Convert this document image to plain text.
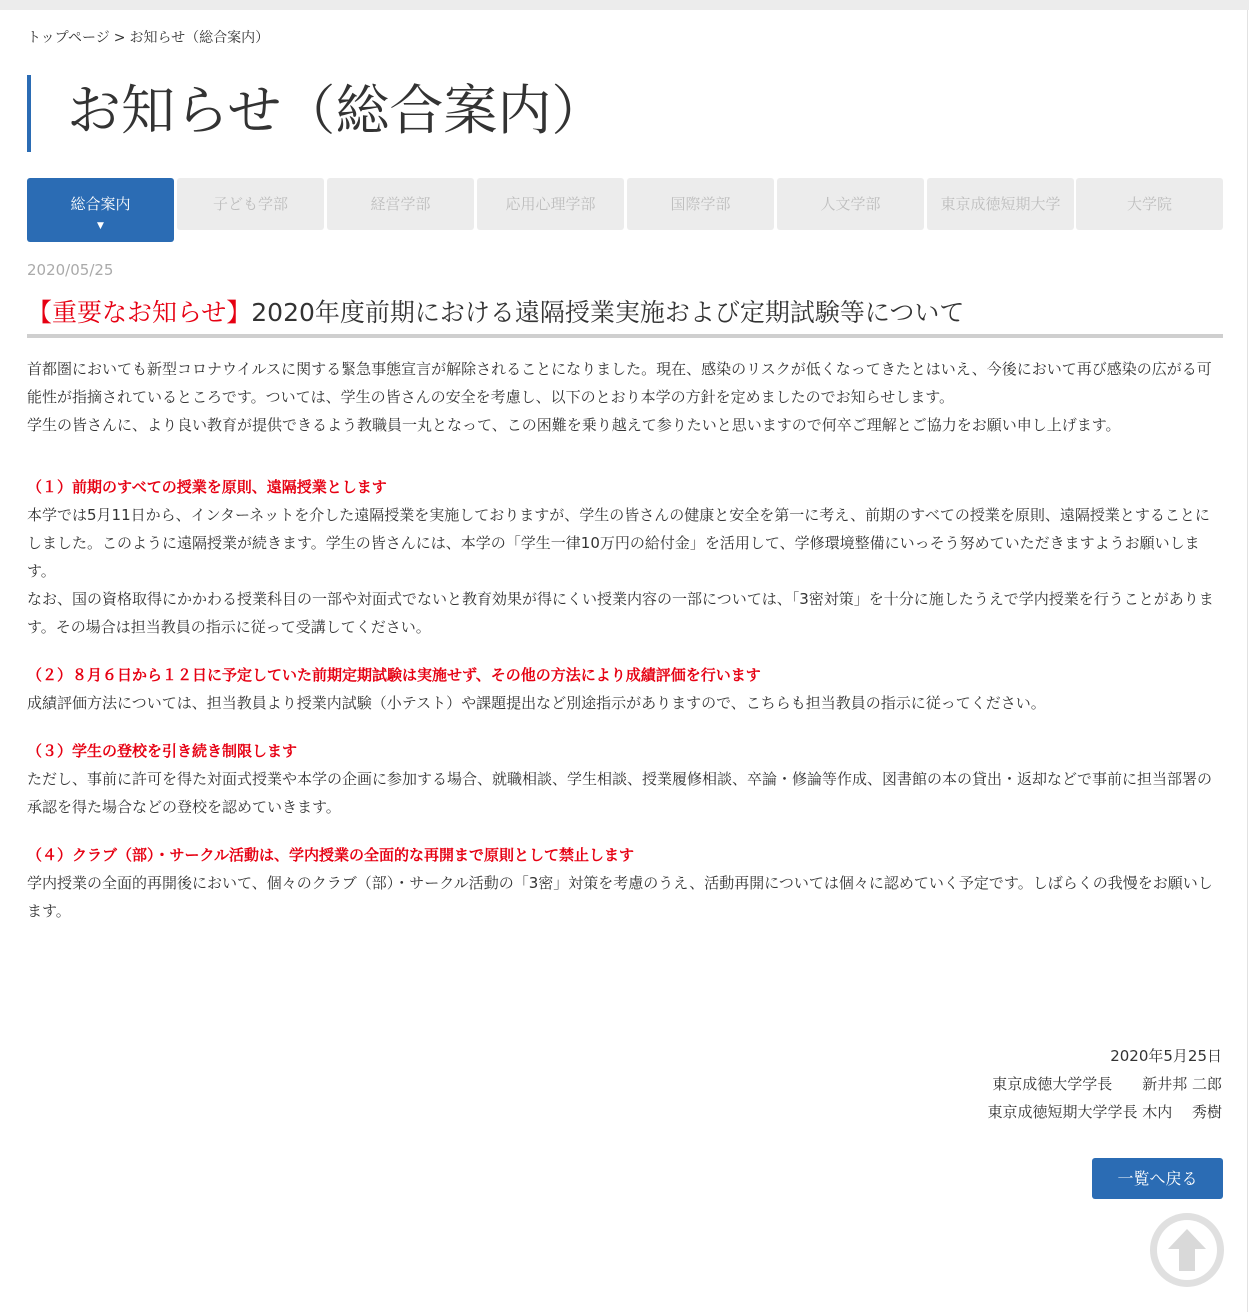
トップページ > お知らせ（総合案内）
お知らせ（総合案内）
総合案内
▼
子ども学部	経営学部	応用心理学部	国際学部	人文学部	東京成徳短期大学	大学院
2020/05/25
【重要なお知らせ】2020年度前期における遠隔授業実施および定期試験等について

首都圏においても新型コロナウイルスに関する緊急事態宣言が解除されることになりました。現在、感染のリスクが低くなってきたとはいえ、今後において再び感染の広がる可能性が指摘されているところです。ついては、学生の皆さんの安全を考慮し、以下のとおり本学の方針を定めましたのでお知らせします。

学生の皆さんに、より良い教育が提供できるよう教職員一丸となって、この困難を乗り越えて参りたいと思いますので何卒ご理解とご協力をお願い申し上げます。

（１）前期のすべての授業を原則、遠隔授業とします

本学では5月11日から、インターネットを介した遠隔授業を実施しておりますが、学生の皆さんの健康と安全を第一に考え、前期のすべての授業を原則、遠隔授業とすることにしました。このように遠隔授業が続きます。学生の皆さんには、本学の「学生一律10万円の給付金」を活用して、学修環境整備にいっそう努めていただきますようお願いします。

なお、国の資格取得にかかわる授業科目の一部や対面式でないと教育効果が得にくい授業内容の一部については、「3密対策」を十分に施したうえで学内授業を行うことがあります。その場合は担当教員の指示に従って受講してください。

（２）８月６日から１２日に予定していた前期定期試験は実施せず、その他の方法により成績評価を行います

成績評価方法については、担当教員より授業内試験（小テスト）や課題提出など別途指示がありますので、こちらも担当教員の指示に従ってください。

（３）学生の登校を引き続き制限します

ただし、事前に許可を得た対面式授業や本学の企画に参加する場合、就職相談、学生相談、授業履修相談、卒論・修論等作成、図書館の本の貸出・返却などで事前に担当部署の承認を得た場合などの登校を認めていきます。

（４）クラブ（部）・サークル活動は、学内授業の全面的な再開まで原則として禁止します

学内授業の全面的再開後において、個々のクラブ（部）・サークル活動の「3密」対策を考慮のうえ、活動再開については個々に認めていく予定です。しばらくの我慢をお願いします。

2020年5月25日
東京成徳大学学長　　新井邦 二郎
東京成徳短期大学学長 木内　 秀樹
一覧へ戻る
